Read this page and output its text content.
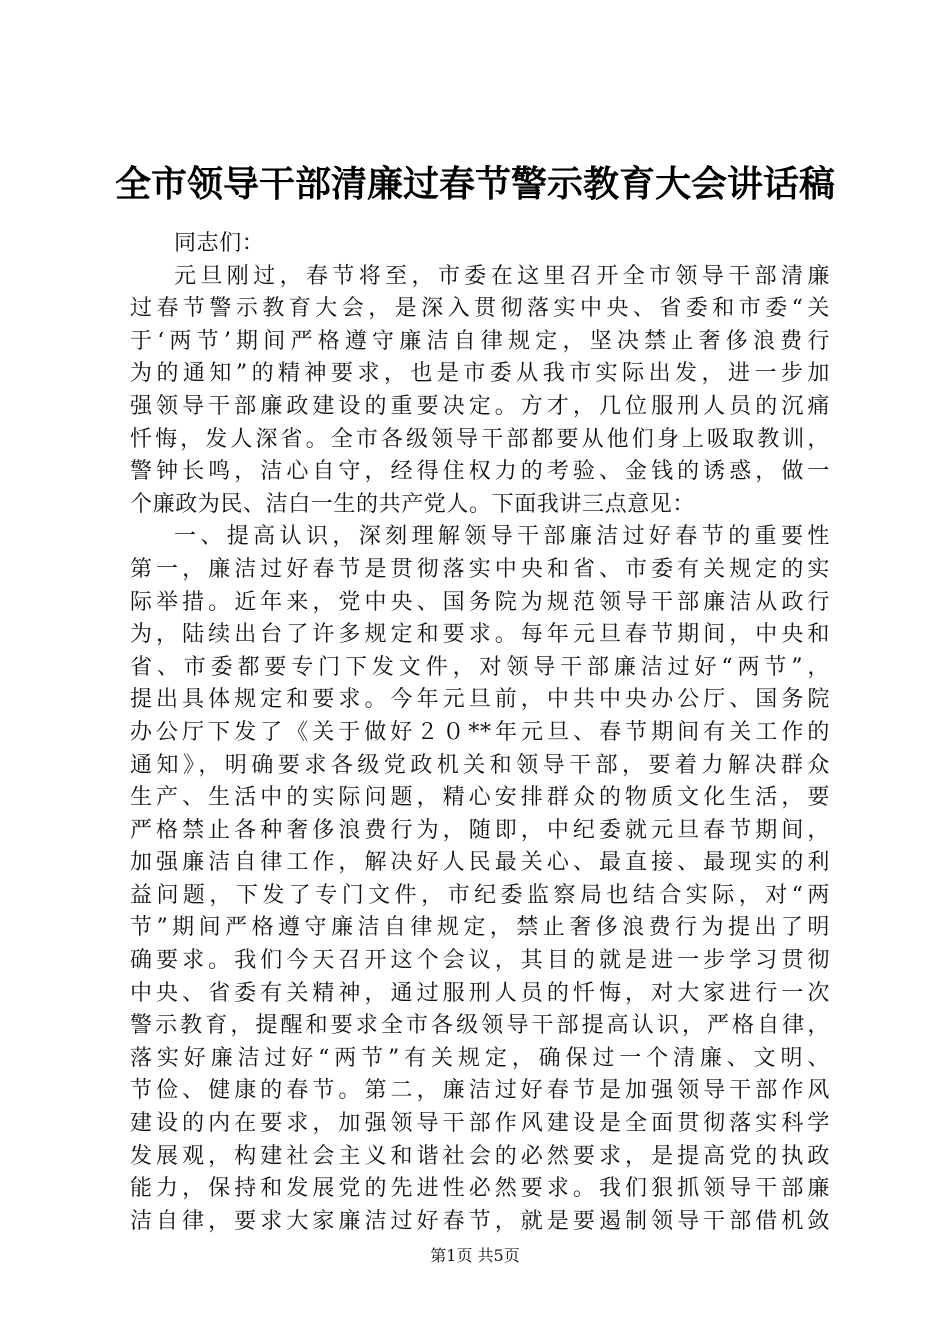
全市领导干部清廉过春节警示教育大会讲话稿
同志们：
元旦刚过，春节将至，市委在这里召开全市领导干部清廉
过春节警示教育大会，是深入贯彻落实中央、省委和市委“关
于‘两节’期间严格遵守廉洁自律规定，坚决禁止奢侈浪费行
为的通知”的精神要求，也是市委从我市实际出发，进一步加
强领导干部廉政建设的重要决定。方才，几位服刑人员的沉痛
忏悔，发人深省。全市各级领导干部都要从他们身上吸取教训，
警钟长鸣，洁心自守，经得住权力的考验、金钱的诱惑，做一
个廉政为民、洁白一生的共产党人。下面我讲三点意见：
一、提高认识，深刻理解领导干部廉洁过好春节的重要性
第一，廉洁过好春节是贯彻落实中央和省、市委有关规定的实
际举措。近年来，党中央、国务院为规范领导干部廉洁从政行
为，陆续出台了许多规定和要求。每年元旦春节期间，中央和
省、市委都要专门下发文件，对领导干部廉洁过好“两节”，
提出具体规定和要求。今年元旦前，中共中央办公厅、国务院
办公厅下发了《关于做好２０**年元旦、春节期间有关工作的
通知》，明确要求各级党政机关和领导干部，要着力解决群众
生产、生活中的实际问题，精心安排群众的物质文化生活，要
严格禁止各种奢侈浪费行为，随即，中纪委就元旦春节期间，
加强廉洁自律工作，解决好人民最关心、最直接、最现实的利
益问题，下发了专门文件，市纪委监察局也结合实际，对“两
节”期间严格遵守廉洁自律规定，禁止奢侈浪费行为提出了明
确要求。我们今天召开这个会议，其目的就是进一步学习贯彻
中央、省委有关精神，通过服刑人员的忏悔，对大家进行一次
警示教育，提醒和要求全市各级领导干部提高认识，严格自律，
落实好廉洁过好“两节”有关规定，确保过一个清廉、文明、
节俭、健康的春节。第二，廉洁过好春节是加强领导干部作风
建设的内在要求，加强领导干部作风建设是全面贯彻落实科学
发展观，构建社会主义和谐社会的必然要求，是提高党的执政
能力，保持和发展党的先进性必然要求。我们狠抓领导干部廉
洁自律，要求大家廉洁过好春节，就是要遏制领导干部借机敛
第1页 共5页
